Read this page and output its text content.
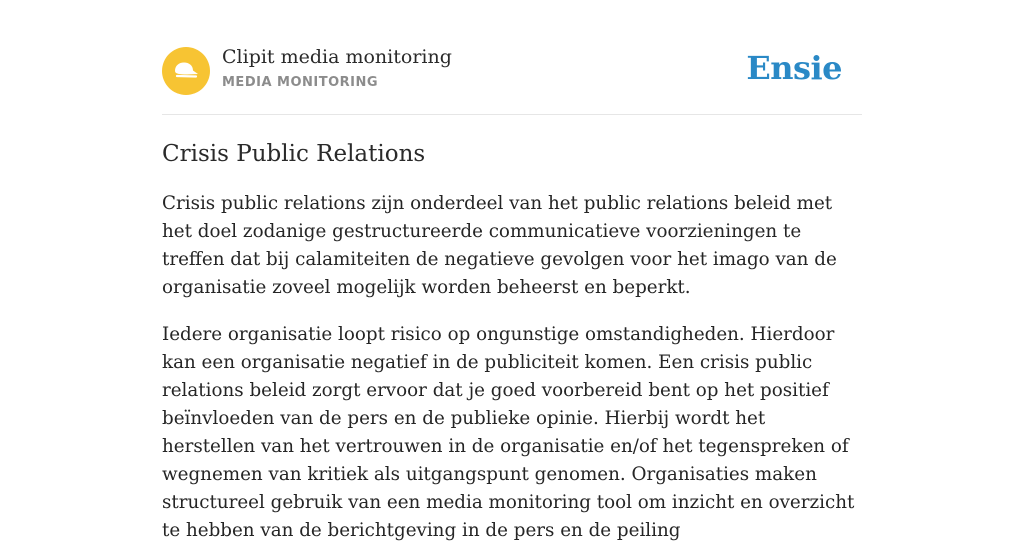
Clipit media monitoring
MEDIA MONITORING	Ensie
Crisis Public Relations

Crisis public relations zijn onderdeel van het public relations beleid met het doel zodanige gestructureerde communicatieve voorzieningen te treffen dat bij calamiteiten de negatieve gevolgen voor het imago van de organisatie zoveel mogelijk worden beheerst en beperkt.

Iedere organisatie loopt risico op ongunstige omstandigheden. Hierdoor kan een organisatie negatief in de publiciteit komen. Een crisis public relations beleid zorgt ervoor dat je goed voorbereid bent op het positief beïnvloeden van de pers en de publieke opinie. Hierbij wordt het herstellen van het vertrouwen in de organisatie en/of het tegenspreken of wegnemen van kritiek als uitgangspunt genomen. Organisaties maken structureel gebruik van een media monitoring tool om inzicht en overzicht te hebben van de berichtgeving in de pers en de peiling
